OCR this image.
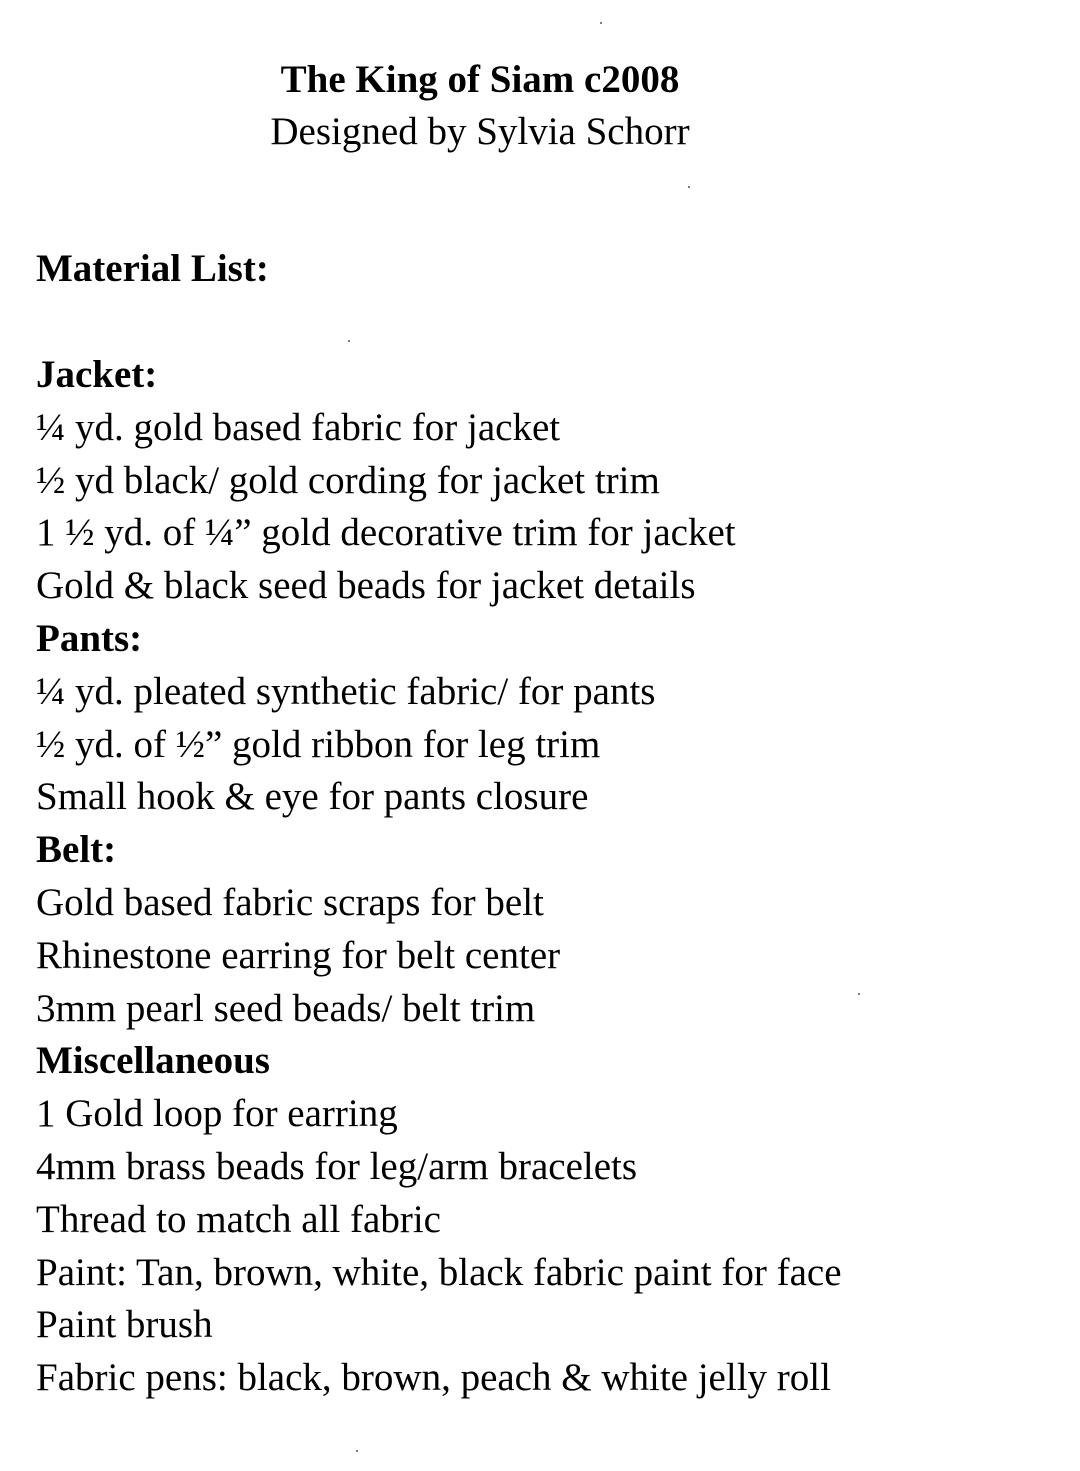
The King of Siam c2008
Designed by Sylvia Schorr
Material List:
Jacket:
¼ yd. gold based fabric for jacket
½ yd black/ gold cording for jacket trim
1 ½ yd. of ¼” gold decorative trim for jacket
Gold & black seed beads for jacket details
Pants:
¼ yd. pleated synthetic fabric/ for pants
½ yd. of ½” gold ribbon for leg trim
Small hook & eye for pants closure
Belt:
Gold based fabric scraps for belt
Rhinestone earring for belt center
3mm pearl seed beads/ belt trim
Miscellaneous
1 Gold loop for earring
4mm brass beads for leg/arm bracelets
Thread to match all fabric
Paint: Tan, brown, white, black fabric paint for face
Paint brush
Fabric pens: black, brown, peach & white jelly roll
